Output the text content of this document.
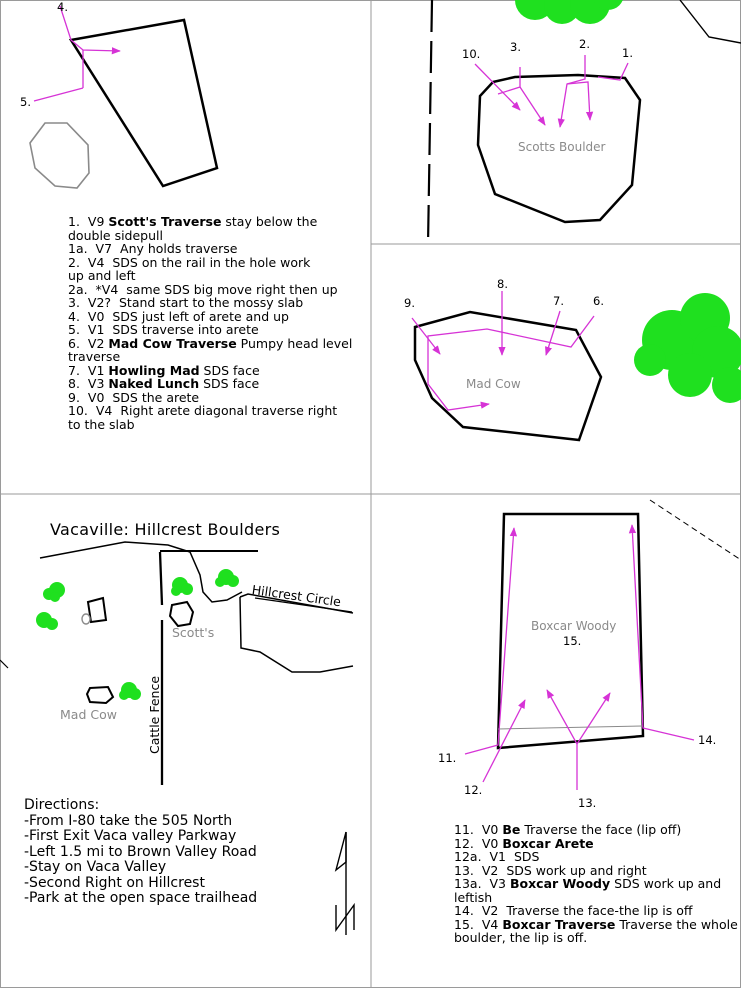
4.
5.
1. V9 Scott's Traverse stay below the
double sidepull
1a. V7  Any holds traverse
2. V4  SDS on the rail in the hole work
up and left
2a. *V4  same SDS big move right then up
3. V2?  Stand start to the mossy slab
4. V0  SDS just left of arete and up
5. V1  SDS traverse into arete
6. V2 Mad Cow Traverse Pumpy head level
traverse
7. V1 Howling Mad SDS face
8. V3 Naked Lunch SDS face
9. V0  SDS the arete
10. V4  Right arete diagonal traverse right
to the slab
10.	3.	2.
1.
Scotts Boulder
9.
8.
7.	6.
Mad Cow
Vacaville: Hillcrest Boulders
Hillcrest Circle
Cattle Fence
Scott's
Mad Cow
Directions:
-From I-80 take the 505 North
-First Exit Vaca valley Parkway
-Left 1.5 mi to Brown Valley Road
-Stay on Vaca Valley
-Second Right on Hillcrest
-Park at the open space trailhead
Boxcar Woody
15.
11.
12.
13.
14.
11. V0 Be Traverse the face (lip off)
12. V0 Boxcar Arete
12a. V1  SDS
13. V2  SDS work up and right
13a. V3 Boxcar Woody SDS work up and
leftish
14. V2  Traverse the face-the lip is off
15. V4 Boxcar Traverse Traverse the whole
boulder, the lip is off.
